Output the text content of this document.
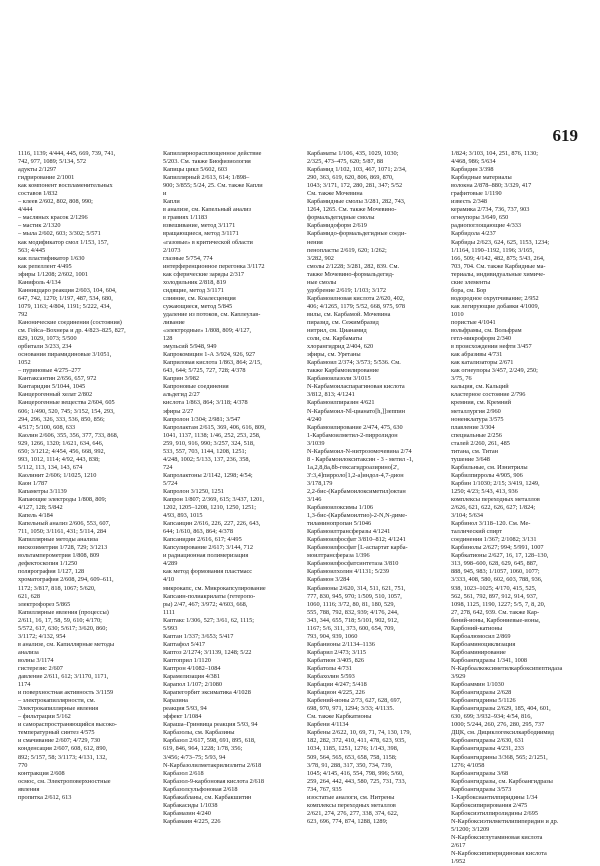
619
1116, 1139; 4/444, 445, 669, 739, 741,
742, 977, 1089; 5/134, 572
адукты 2/1297
гидрирование 2/1001
как компонент воспламенительных
составов 1/832
– клеев 2/602, 802, 808, 990;
4/444
– масляных красок 2/1296
– мастик 2/1320
– мыла 2/602, 603; 3/302; 5/571
как модификатор смол 1/153, 157,
563; 4/445
как пластификатор 1/630
как репеллент 4/495
эфиры 1/1208; 2/602, 1001
Канифоль 4/134
Канниццаро реакция 2/603, 104, 604,
647, 742, 1270; 1/197, 487, 534, 680,
1079, 1163; 4/804, 1191; 5/222, 434,
792
Канонические соединения (состояния)
см. Гейса–Вохнера и др. 4/823–825, 827,
829, 1029, 1073; 5/500
орбитали 3/233, 234
основания пирамидиновые 3/1051,
1052
– пуриновые 4/275–277
Кантаксантин 2/656, 657, 972
Кантаридин 5/1044, 1045
Канцерогенный хелат 2/802
Канцерогенные вещества 2/604, 605
606; 1/490, 520, 745; 3/152, 154, 293,
294, 296, 326, 333, 536, 850, 856;
4/517; 5/100, 608, 633
Каолин 2/606, 355, 356, 377, 733, 868,
929, 1266, 1320; 1/621, 634, 646,
650; 3/1212; 4/454, 456, 668, 992,
993, 1012, 1114; 4/92, 443, 838;
5/112, 113, 134, 143, 674
Каолинит 2/606; 1/1025, 1210
Каон 1/787
Капаметры 3/1139
Капающие электроды 1/808, 809;
4/127, 128; 5/842
Капель 4/184
Капельный анализ 2/606, 553, 607,
711, 1050; 3/1161, 431; 5/114, 284
Капиллярные методы анализа
вискозиметрия 1/728, 729; 3/1213
вольтамперометрия 1/808, 809
дефектоскопия 1/1250
полярография 1/127, 128
хроматография 2/608, 294, 609–611,
1172; 3/817, 818, 1067; 5/620,
621, 628
электрофорез 5/865
Капиллярные явления (процессы)
2/611, 16, 17, 58, 59, 610; 4/170;
5/572, 617, 630; 5/617; 3/620, 860;
3/1172; 4/132, 954
в анализе, см. Капиллярные методы
анализа
волны 3/1174
гистерезис 2/607
давление 2/611, 612; 3/1170, 1171,
1174
и поверхностная активность 3/1159
– электрокапиллярности, см.
Электрокапиллярные явления
– фильтрации 5/162
и самораспространяющийся высоко-
температурный синтез 4/575
и смачивание 2/607; 4/729, 730
конденсация 2/607, 608, 612, 890,
892; 5/157, 58; 3/1173; 4/131, 132,
770
контракция 2/608
осмос, см. Электроповерхностные
явления
пропитка 2/612, 613
Капиллярнорасплющенное действие
5/203. См. также Биофизиология
Капицы цикл 5/602, 603
Капиллярный 2/613, 614; 1/898–
900; 3/855; 5/24, 25. См. также Капли
и
Капли
в анализе, см. Капельный анализ
в гравиях 1/1183
взвешивание, метод 3/1171
вращающиеся, метод 3/1171
«газовые» в критической области
2/1073
глазные 5/754, 774
интерференционное перегонка 3/1172
как сферические заряды 2/317
холодильник 2/818, 819
сидящие, метод 3/1171
слияние, см. Коалесценция
сужающиеся, метод 5/845
удаление из потоков, см. Каплеулав-
ливание
«электродные» 1/808, 809; 4/127,
128
эмульсий 5/948, 949
Капрокомицин 1-А 3/924, 926, 927
Каприловая кислота 1/863, 864; 2/15,
643, 644; 5/725, 727, 728; 4/378
Каприн 3/982
Капроновые соединения
альдегид 2/27
кислота 1/863, 864; 3/118; 4/378
эфиры 2/27
Капролон 1/304; 2/981; 3/547
Капролактам 2/615, 369, 406, 616, 809,
1041, 1137, 1138; 1/46, 252, 253, 258,
259, 910, 916, 990; 3/257, 324, 518,
533, 557, 703, 1144, 1208, 1251;
4/248, 1002; 5/133, 137, 236, 358,
724
Капролактоны 2/1142, 1298; 4/54;
5/724
Капролон 3/1250, 1251
Капрон 1/807; 2/369, 615; 3/437, 1201,
1202, 1205–1208, 1210, 1250, 1251;
4/93, 893, 1015
Капсаицин 2/616, 226, 227, 226, 643,
644; 1/610, 863, 864; 4/378
Капсанидин 2/616, 617; 4/495
Капсулирование 2/617; 3/144, 712
и радиационная полимеризация
4/289
как метод формования пластмасс
4/10
микрокапс, см. Микрокапсулирование
Капсаин-полиакрилаты (гетеропо-
ры) 2/47, 467; 3/972; 4/603, 668,
1111
Каптакс 1/306, 527; 3/61, 62, 1115;
5/993
Каптан 1/337; 3/653; 5/417
Каптафол 5/417
Каптоз 2/1274; 3/1139, 1248; 5/22
Каптоприл 1/1120
Каптрон 4/1082–1084
Карамелизация 4/381
Карапол 1/107; 2/1080
Карапегорбит эксиматика 4/1028
Каразина
реакция 5/93, 94
эффект 1/1084
Караша–Гринвица реакция 5/93, 94
Карбазолы, см. Карбазины
Карбазол 2/617, 598, 691, 895, 618,
619, 846, 964, 1228; 1/78, 356;
3/456; 4/73–75; 5/93, 94
N-Карбазолилметакрилизлиты 2/618
Карбазол 2/618
Карбазол-9-карбоновая кислота 2/618
Карбазолсульфоновая 2/618
Карбакабланы, см. Карбакшитин
Карбакасиды 1/1038
Карбамазин 4/240
Карбамаия 4/225, 226
Карбаматы 1/106, 435, 1029, 1030;
2/325, 473–475, 620; 5/87, 88
Карбамид 1/102, 103, 467, 1071; 2/34,
290, 363, 619, 620, 806, 869, 870,
1043; 3/171, 172, 280, 281, 347; 5/52
См. также Мочевина
Карбамидные смолы 3/281, 282, 743,
1264, 1265. См. также Мочевино-
формальдегидные смолы
Карбамидоформ 2/619
Карбамидо-формальдегидные соеди-
нения
пенопласты 2/619, 620; 1/262;
3/282, 902
смолы 2/1228; 3/281, 282, 839. См.
также Мочевино-формальдегид-
ные смолы
удобрение 2/619; 1/103; 3/172
Карбамоилновая кислота 2/620, 402,
406; 4/1265, 1179; 5/52, 668, 975, 978
вилы, см. Карбамой. Мочевина
пиразид, см. Сежимбразид
нитрил, см. Цианамид
соли, см. Карбаматы
хлорангидрид 2/404, 620
эфиры, см. Уретаны
Карбамоил 2/374; 3/573; 5/536. См.
также Карбамоилирование
Карбамоилазоли 3/1015
N-Карбамоиласпарагиновая кислота
3/812, 813; 4/1241
Карбамоилпиразин 4/621
N-Карбамоил-Nl-цианато[h,]]зеппин
4/240
Карбамоилирование 2/474, 475, 630
1-Карбамоилметил-2-пирролидон
3/1039
N-Карбамоил-N-нитрозомочевина 2/74
8 - Карбамоилокситаксин - 3 - метил -1,
1a,2,8,8a,8b-гексагидроазирино[2',
3':3,4]пирроло[1,2-a]индол-4,7-дион
3/178,179
2,2-бис-(Карбамоилоксиметил)октан
3/146
Карбамоилоксимы 1/106
1,3-бис-(Карбамоилтио)-2-N,N-диме-
тиламинопропан 5/1046
Карбамоилтрансферазы 4/1241
Карбамоилфосфат 3/810–812; 4/1241
Карбамоилфосфат [L-аспартат карба-
моилтрансфераза 1/396
Карбамоилфосфатсинтетаза 3/810
Карбамоилхолин 4/1131; 5/239
Карбамон 3/284
Карбамоны 2/620, 314, 511, 621, 751,
777, 830, 945, 970; 1/509, 510, 1057,
1060, 1116; 3/72, 80, 81, 180, 529,
555, 788, 792, 832, 939; 4/176, 244,
343, 344, 655, 718; 5/101, 902, 912,
1167; 5/6, 311, 373, 600, 654, 709,
793, 904, 939, 1060
Карбанионы 2/1134–1136
Карбарил 2/473; 3/115
Карбатион 3/405, 826
Карбатолы 4/731
Карбахолин 5/593
Карбации 4/247; 5/418
Карбацион 4/225, 226
Карбений-ионы 2/73, 627, 628, 697,
698, 970, 971, 1294; 3/33; 4/1135.
См. также Карбкатионы
Карбени 4/1134
Карбены 2/622, 10, 69, 71, 74, 130, 179,
182, 282, 372, 410, 411, 478, 623, 935,
1034, 1185, 1251, 1276; 1/143, 398,
509, 564, 565, 653, 658, 758, 1158;
3/78, 91, 288, 317, 350, 734, 739,
1045; 4/145, 416, 554, 798, 996; 5/60,
259, 264, 442, 443, 580, 725, 731, 733,
734, 767, 935
изостатые аналоги, см. Нитрены
комплексы переходных металлов
2/621, 274, 276, 277, 338, 374, 622,
623, 696, 774, 874, 1288, 1289;
1/824; 3/103, 104, 251, 876, 1130;
4/468, 986; 5/634
Карбидин 3/398
Карбидные материалы
волокна 2/878–880; 3/329, 417
графитовые 1/1190
известь 2/348
керамика 2/734, 736, 737, 903
огнеупоры 3/649, 650
радиопоглощающие 4/333
Карбидола 4/237
Карбиды 2/623, 624, 625, 1153, 1234;
1/1164, 1190–1192, 1196; 3/165,
166, 509; 4/142, 482, 875; 5/43, 264,
703, 704. См. также Карбидные ма-
териалы, индивидуальные химиче-
ские элементы
бора, см. Бор
водородное охрупчивание; 2/952
как легирующие добавки 4/1009,
1010
пористые 4/1041
вольфрамы, см. Вольфрам
гетл-микроформ 2/340
в происхождении нефти 3/457
как абразивы 4/731
как катализаторы 2/671
как огнеупоры 3/457, 2/249, 250;
3/75, 76
кальция, см. Кальций
кластерное состояние 2/796
кремния, см. Кремний
металлургия 2/960
ноненклатура 3/575
плавление 3/304
специальные 2/256
сталей 2/260, 261, 485
титана, см. Титан
тушение 3/648
Карбильные, см. Изнитрилы
Карбилпирролы 4/905, 906
Карбин 1/1030; 2/15; 3/419, 1249,
1250; 4/23; 5/43, 413, 936
комплексы переходных металлов
2/626, 621, 622, 626, 627; 1/824;
3/104; 5/634
Карбинол 3/118–120. См. Ме-
таллический спирт
соединения 1/367; 2/1082; 3/131
Карбинолы 2/627; 994; 5/991, 1007
Карбкатионы 2/627, 16, 17, 128–130,
313, 998–600, 628, 629, 645, 887,
888, 945, 983; 1/1057, 1060, 1077;
3/333, 408, 580, 602, 603, 788, 936,
938, 1023–1025; 4/170, 415, 525,
562, 561, 792, 897, 912, 914, 937,
1098, 1125, 1190, 1227; 5/5, 7, 8, 20,
27, 278, 642, 939. См. также Кар-
бений-ионы, Карбониевые-ионы,
Карбоний-катионы
Карбоалюмосил 2/869
Карбоаминоциклизация
Карбоаминирование
Карбоангидразы 1/341, 1008
N-Карбоалкоксиметилкарбоксипептидаза
3/929
Карбоаммин 1/1030
Карбоангидразы 2/628
Карбоангидрины 5/1126
Карбоангидразы 2/629, 185, 404, 601,
630, 699; 3/932–934; 4/54, 816,
1000; 5/244, 260, 276, 280, 295, 737
ДЦК, см. Дициклогексилкарбодиимид
Карбоангидразы 2/630, 631
Карбоангидразы 4/231, 233
Карбоангидрины 3/368, 565; 2/1251,
1276; 4/1058
Карбоангидразы 3/68
Карбоангидразы, см. Карбоангидразы
Карбоангидразы 3/573
1-Карбоксиантилпиридины 1/34
Карбоксипирирования 2/475
Карбоксиэтилпиролидины 2/695
N-Карбоксиэтилметилипиперидин и др.
5/1200; 3/1209
N-Карбоксиглутаминовая кислота
2/617
N-Карбоксипиперидиновая кислота
1/952
